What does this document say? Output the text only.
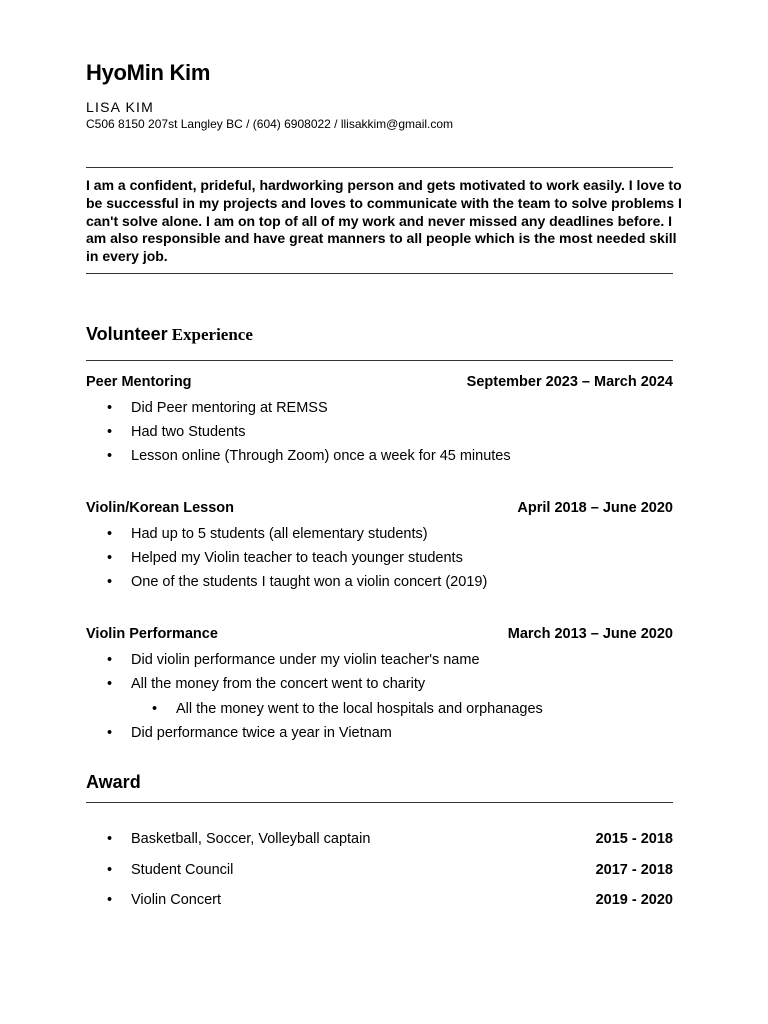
HyoMin Kim
LISA KIM
C506 8150 207st Langley BC / (604) 6908022 / llisakkim@gmail.com
I am a confident, prideful, hardworking person and gets motivated to work easily. I love to be successful in my projects and loves to communicate with the team to solve problems I can't solve alone. I am on top of all of my work and never missed any deadlines before. I am also responsible and have great manners to all people which is the most needed skill in every job.
Volunteer Experience
Peer Mentoring	September 2023 – March 2024
• Did Peer mentoring at REMSS
• Had two Students
• Lesson online (Through Zoom) once a week for 45 minutes
Violin/Korean Lesson	April 2018 – June 2020
• Had up to 5 students (all elementary students)
• Helped my Violin teacher to teach younger students
• One of the students I taught won a violin concert (2019)
Violin Performance	March 2013 – June 2020
• Did violin performance under my violin teacher's name
• All the money from the concert went to charity
• All the money went to the local hospitals and orphanages
• Did performance twice a year in Vietnam
Award
• Basketball, Soccer, Volleyball captain	2015 - 2018
• Student Council	2017 - 2018
• Violin Concert	2019 - 2020
